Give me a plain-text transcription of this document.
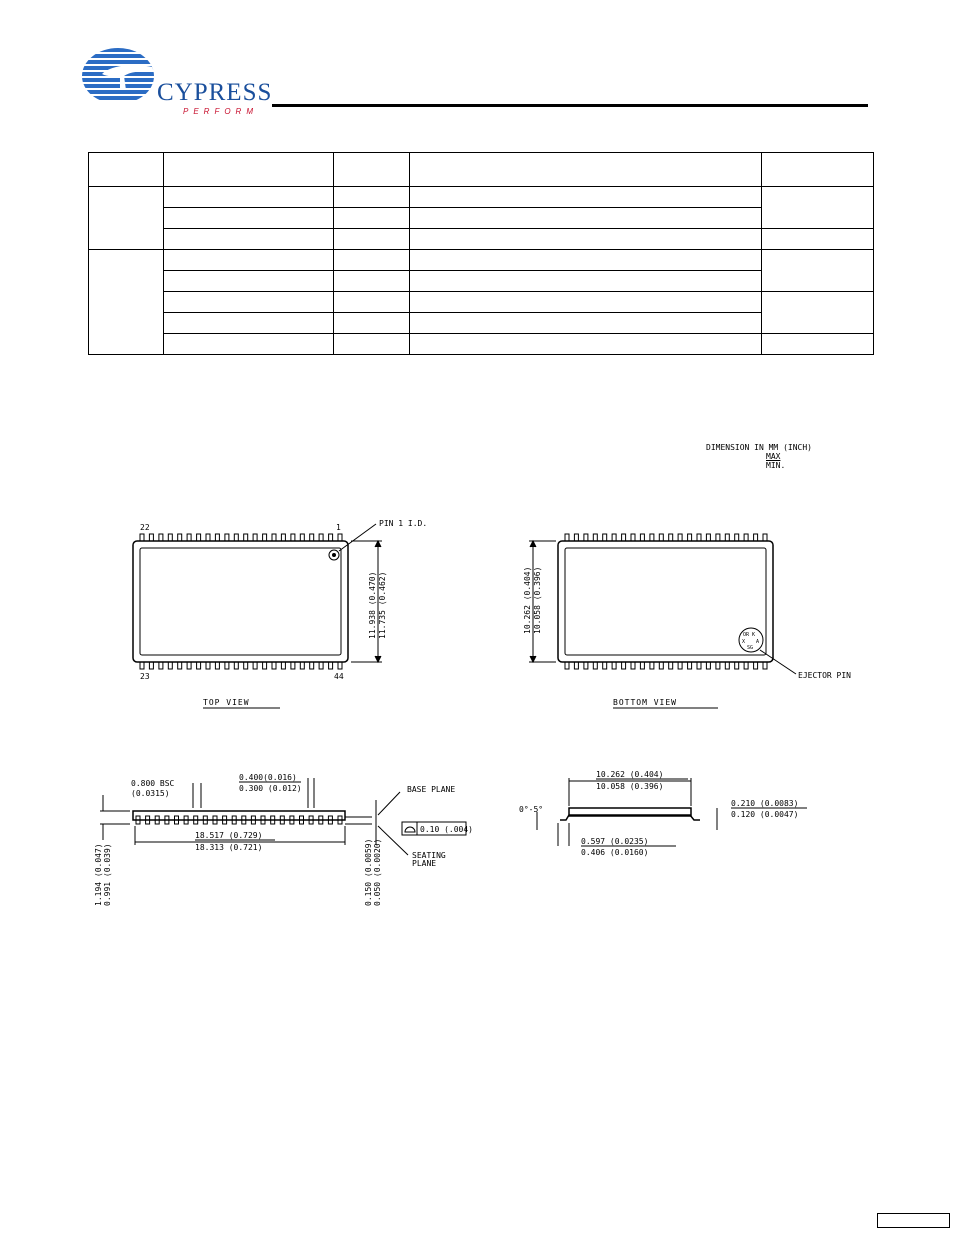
CYPRESS
PERFORM

DIMENSION IN MM (INCH)
MAX
MIN.
22	1
23	44
PIN 1 I.D.
11.938 (0.470) 11.735 (0.462)
TOP VIEW
10.262 (0.404) 10.058 (0.396)
EJECTOR PIN
OR K
X A
SG
BOTTOM VIEW
0.800 BSC
(0.0315)
0.400(0.016)
0.300 (0.012)	BASE PLANE
18.517 (0.729)
18.313 (0.721)
0.10 (.004)
SEATING
PLANE
1.194 (0.047) 0.991 (0.039)	0.150 (0.0059) 0.050 (0.0020)
10.262 (0.404)
10.058 (0.396)
0°-5°
0.210 (0.0083)
0.120 (0.0047)
0.597 (0.0235)
0.406 (0.0160)
